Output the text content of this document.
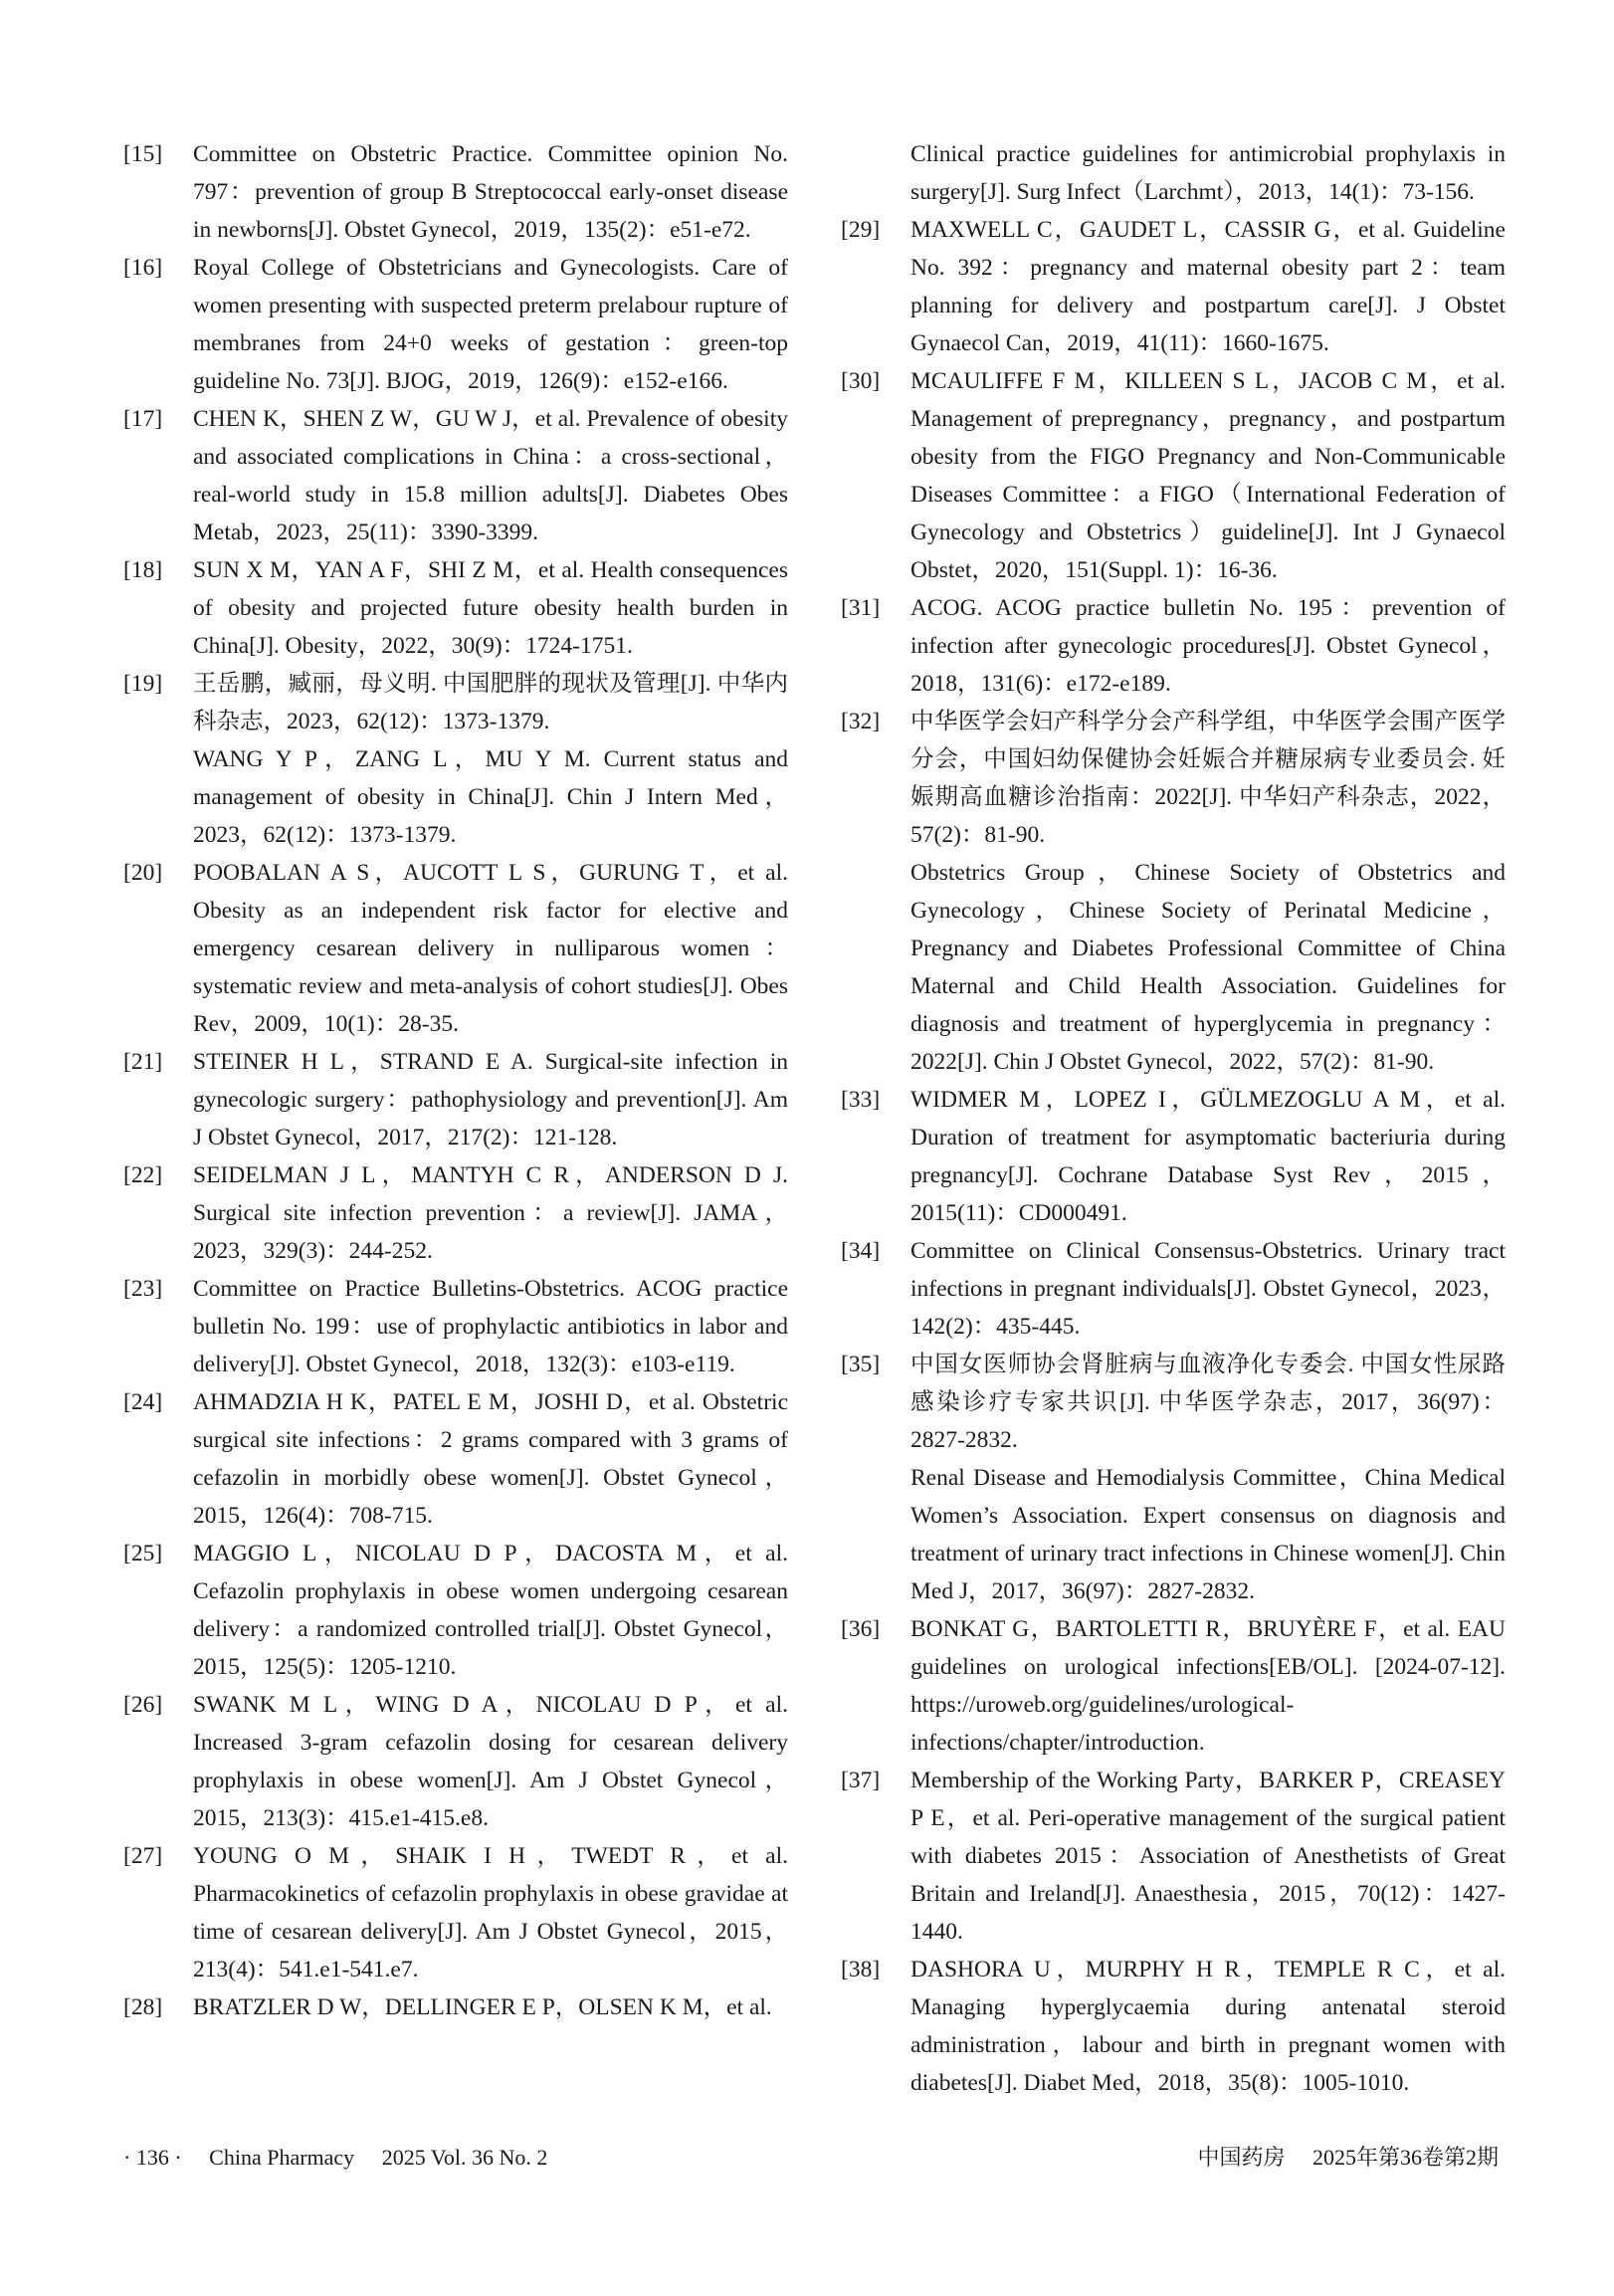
[15]	Committee on Obstetric Practice. Committee opinion No. 797：prevention of group B Streptococcal early-onset disease in newborns[J]. Obstet Gynecol，2019，135(2)：e51-e72.

[16]	Royal College of Obstetricians and Gynecologists. Care of women presenting with suspected preterm prelabour rupture of membranes from 24+0 weeks of gestation：green-top guideline No. 73[J]. BJOG，2019，126(9)：e152-e166.

[17]	CHEN K，SHEN Z W，GU W J，et al. Prevalence of obesity and associated complications in China：a cross-sectional，real-world study in 15.8 million adults[J]. Diabetes Obes Metab，2023，25(11)：3390-3399.

[18]	SUN X M，YAN A F，SHI Z M，et al. Health consequences of obesity and projected future obesity health burden in China[J]. Obesity，2022，30(9)：1724-1751.

[19]	王岳鹏，臧丽，母义明. 中国肥胖的现状及管理[J]. 中华内科杂志，2023，62(12)：1373-1379.

WANG Y P，ZANG L，MU Y M. Current status and management of obesity in China[J]. Chin J Intern Med，2023，62(12)：1373-1379.

[20]	POOBALAN A S，AUCOTT L S，GURUNG T，et al. Obesity as an independent risk factor for elective and emergency cesarean delivery in nulliparous women：systematic review and meta-analysis of cohort studies[J]. Obes Rev，2009，10(1)：28-35.

[21]	STEINER H L，STRAND E A. Surgical-site infection in gynecologic surgery：pathophysiology and prevention[J]. Am J Obstet Gynecol，2017，217(2)：121-128.

[22]	SEIDELMAN J L，MANTYH C R，ANDERSON D J. Surgical site infection prevention：a review[J]. JAMA，2023，329(3)：244-252.

[23]	Committee on Practice Bulletins-Obstetrics. ACOG practice bulletin No. 199：use of prophylactic antibiotics in labor and delivery[J]. Obstet Gynecol，2018，132(3)：e103-e119.

[24]	AHMADZIA H K，PATEL E M，JOSHI D，et al. Obstetric surgical site infections：2 grams compared with 3 grams of cefazolin in morbidly obese women[J]. Obstet Gynecol，2015，126(4)：708-715.

[25]	MAGGIO L，NICOLAU D P，DACOSTA M，et al. Cefazolin prophylaxis in obese women undergoing cesarean delivery：a randomized controlled trial[J]. Obstet Gynecol，2015，125(5)：1205-1210.

[26]	SWANK M L，WING D A，NICOLAU D P，et al. Increased 3-gram cefazolin dosing for cesarean delivery prophylaxis in obese women[J]. Am J Obstet Gynecol，2015，213(3)：415.e1-415.e8.

[27]	YOUNG O M，SHAIK I H，TWEDT R，et al. Pharmacokinetics of cefazolin prophylaxis in obese gravidae at time of cesarean delivery[J]. Am J Obstet Gynecol，2015，213(4)：541.e1-541.e7.

[28]	BRATZLER D W，DELLINGER E P，OLSEN K M，et al.

Clinical practice guidelines for antimicrobial prophylaxis in surgery[J]. Surg Infect（Larchmt），2013，14(1)：73-156.
[29]	MAXWELL C，GAUDET L，CASSIR G，et al. Guideline No. 392：pregnancy and maternal obesity part 2：team planning for delivery and postpartum care[J]. J Obstet Gynaecol Can，2019，41(11)：1660-1675.

[30]	MCAULIFFE F M，KILLEEN S L，JACOB C M，et al. Management of prepregnancy，pregnancy，and postpartum obesity from the FIGO Pregnancy and Non-Communicable Diseases Committee：a FIGO（International Federation of Gynecology and Obstetrics）guideline[J]. Int J Gynaecol Obstet，2020，151(Suppl. 1)：16-36.

[31]	ACOG. ACOG practice bulletin No. 195：prevention of infection after gynecologic procedures[J]. Obstet Gynecol，2018，131(6)：e172-e189.

[32]	中华医学会妇产科学分会产科学组，中华医学会围产医学分会，中国妇幼保健协会妊娠合并糖尿病专业委员会. 妊娠期高血糖诊治指南：2022[J]. 中华妇产科杂志，2022，57(2)：81-90.

Obstetrics Group，Chinese Society of Obstetrics and Gynecology，Chinese Society of Perinatal Medicine，Pregnancy and Diabetes Professional Committee of China Maternal and Child Health Association. Guidelines for diagnosis and treatment of hyperglycemia in pregnancy：2022[J]. Chin J Obstet Gynecol，2022，57(2)：81-90.

[33]	WIDMER M，LOPEZ I，GÜLMEZOGLU A M，et al. Duration of treatment for asymptomatic bacteriuria during pregnancy[J]. Cochrane Database Syst Rev，2015，2015(11)：CD000491.

[34]	Committee on Clinical Consensus-Obstetrics. Urinary tract infections in pregnant individuals[J]. Obstet Gynecol，2023，142(2)：435-445.

[35]	中国女医师协会肾脏病与血液净化专委会. 中国女性尿路感染诊疗专家共识[J]. 中华医学杂志，2017，36(97)：2827-2832.

Renal Disease and Hemodialysis Committee，China Medical Women’s Association. Expert consensus on diagnosis and treatment of urinary tract infections in Chinese women[J]. Chin Med J，2017，36(97)：2827-2832.

[36]	BONKAT G，BARTOLETTI R，BRUYÈRE F，et al. EAU guidelines on urological infections[EB/OL]. [2024-07-12]. https://uroweb.org/guidelines/urological-infections/chapter/introduction.

[37]	Membership of the Working Party，BARKER P，CREASEY P E，et al. Peri-operative management of the surgical patient with diabetes 2015：Association of Anesthetists of Great Britain and Ireland[J]. Anaesthesia，2015，70(12)：1427-1440.

[38]	DASHORA U，MURPHY H R，TEMPLE R C，et al. Managing hyperglycaemia during antenatal steroid administration，labour and birth in pregnant women with diabetes[J]. Diabet Med，2018，35(8)：1005-1010.

· 136 · China Pharmacy 2025 Vol. 36 No. 2	中国药房 2025年第36卷第2期
